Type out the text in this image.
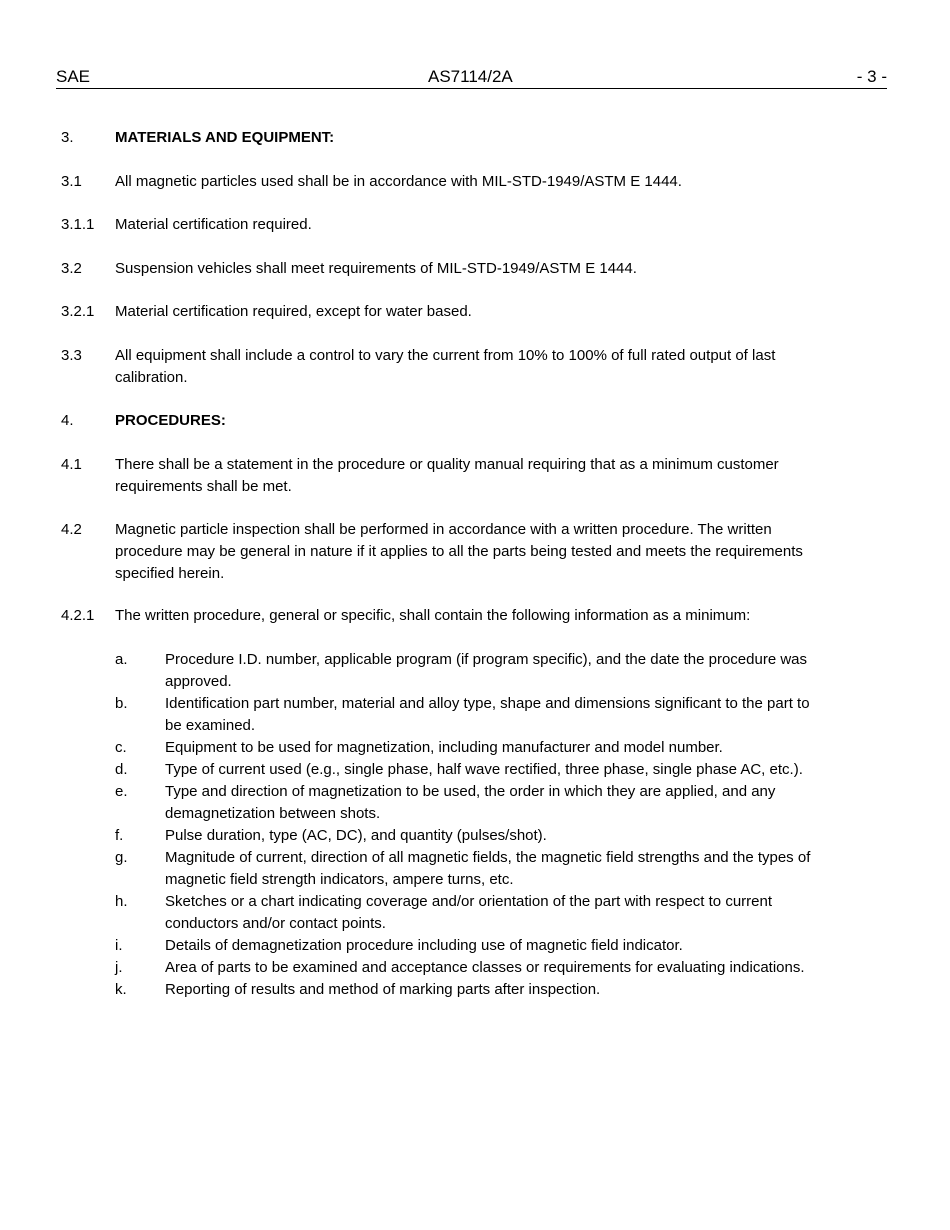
SAE	AS7114/2A	- 3 -
3.	MATERIALS AND EQUIPMENT:
3.1 All magnetic particles used shall be in accordance with MIL-STD-1949/ASTM E 1444.
3.1.1 Material certification required.
3.2 Suspension vehicles shall meet requirements of MIL-STD-1949/ASTM E 1444.
3.2.1 Material certification required, except for water based.
3.3 All equipment shall include a control to vary the current from 10% to 100% of full rated output of last calibration.
4.	PROCEDURES:
4.1 There shall be a statement in the procedure or quality manual requiring that as a minimum customer requirements shall be met.
4.2 Magnetic particle inspection shall be performed in accordance with a written procedure. The written procedure may be general in nature if it applies to all the parts being tested and meets the requirements specified herein.
4.2.1 The written procedure, general or specific, shall contain the following information as a minimum:
a. Procedure I.D. number, applicable program (if program specific), and the date the procedure was approved.
b. Identification part number, material and alloy type, shape and dimensions significant to the part to be examined.
c.	Equipment to be used for magnetization, including manufacturer and model number.
d. Type of current used (e.g., single phase, half wave rectified, three phase, single phase AC, etc.).
e. Type and direction of magnetization to be used, the order in which they are applied, and any demagnetization between shots.
f.	Pulse duration, type (AC, DC), and quantity (pulses/shot).
g. Magnitude of current, direction of all magnetic fields, the magnetic field strengths and the types of magnetic field strength indicators, ampere turns, etc.
h. Sketches or a chart indicating coverage and/or orientation of the part with respect to current conductors and/or contact points.
i.	Details of demagnetization procedure including use of magnetic field indicator.
j.	Area of parts to be examined and acceptance classes or requirements for evaluating indications.
k.	Reporting of results and method of marking parts after inspection.
